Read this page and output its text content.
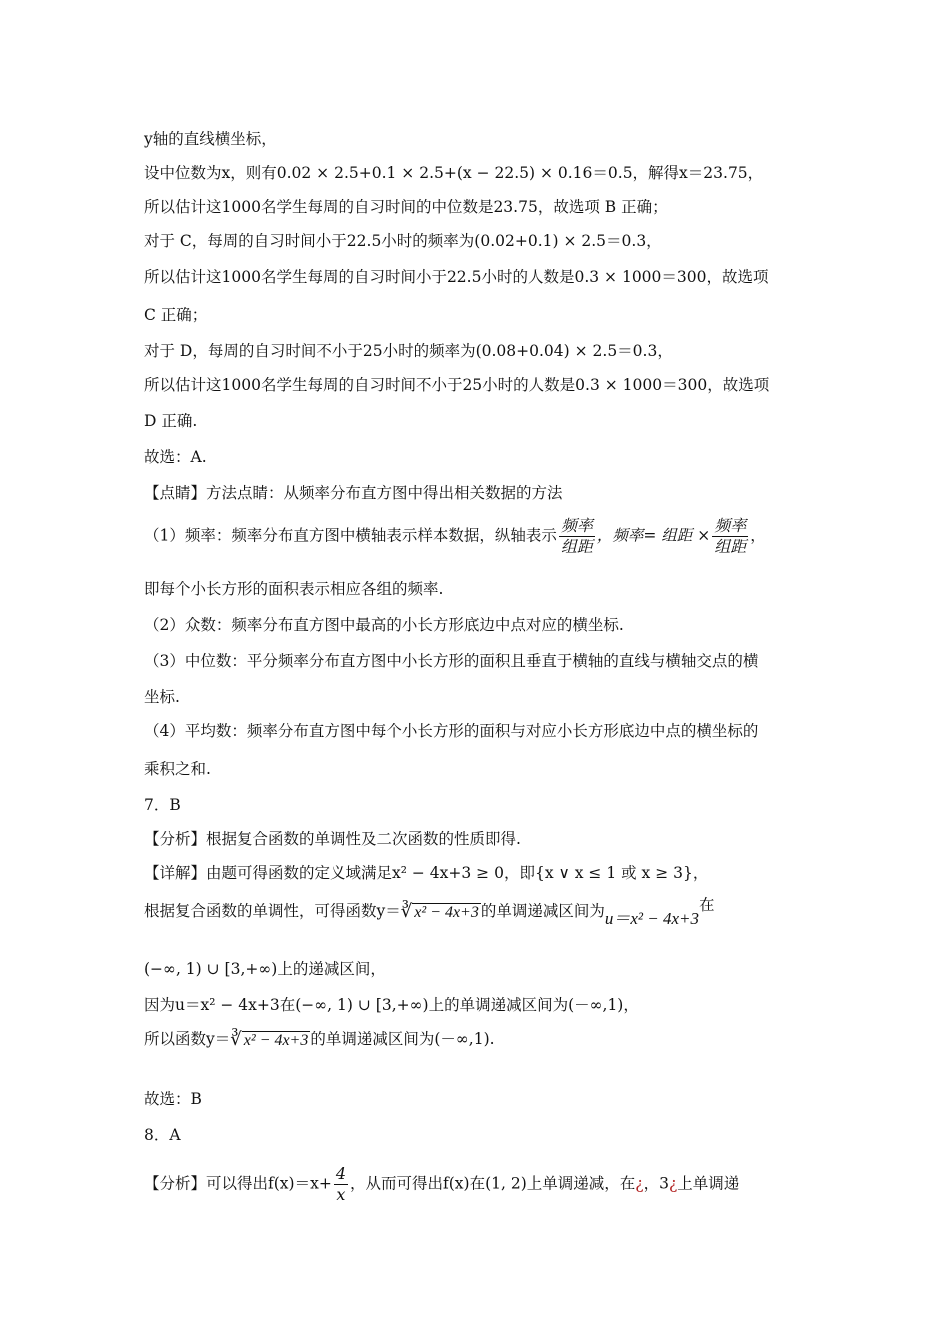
y轴的直线横坐标，
设中位数为x，则有0.02 × 2.5+0.1 × 2.5+(x − 22.5) × 0.16＝0.5，解得x＝23.75，
所以估计这1000名学生每周的自习时间的中位数是23.75，故选项 B 正确；
对于 C，每周的自习时间小于22.5小时的频率为(0.02+0.1) × 2.5＝0.3，
所以估计这1000名学生每周的自习时间小于22.5小时的人数是0.3 × 1000＝300，故选项
C 正确；
对于 D，每周的自习时间不小于25小时的频率为(0.08+0.04) × 2.5＝0.3，
所以估计这1000名学生每周的自习时间不小于25小时的人数是0.3 × 1000＝300，故选项
D 正确.
故选：A.
【点睛】方法点睛：从频率分布直方图中得出相关数据的方法
（1）频率：频率分布直方图中横轴表示样本数据，纵轴表示 $\frac{\text{频率}}{\text{组距}}$ ，频率= 组距 × $\frac{\text{频率}}{\text{组距}}$ ，
即每个小长方形的面积表示相应各组的频率.
（2）众数：频率分布直方图中最高的小长方形底边中点对应的横坐标.
（3）中位数：平分频率分布直方图中小长方形的面积且垂直于横轴的直线与横轴交点的横
坐标.
（4）平均数：频率分布直方图中每个小长方形的面积与对应小长方形底边中点的横坐标的
乘积之和.
7．B
【分析】根据复合函数的单调性及二次函数的性质即得.
【详解】由题可得函数的定义域满足x² − 4x+3 ≥ 0，即{x ∨ x ≤ 1 或 x ≥ 3}，
根据复合函数的单调性，可得函数y＝∛ x² − 4x+3 的单调递减区间为u＝x² − 4x+3在
(−∞, 1) ∪ [3,+∞)上的递减区间，
因为u＝x² − 4x+3在(−∞, 1) ∪ [3,+∞)上的单调递减区间为(－∞,1)，
所以函数y＝∛ x² − 4x+3 的单调递减区间为(－∞,1).
故选：B
8．A
【分析】可以得出$f(x)=x+ \frac{4}{x}$ ，从而可得出f(x)在(1, 2)上单调递减，在¿，3¿上单调递
